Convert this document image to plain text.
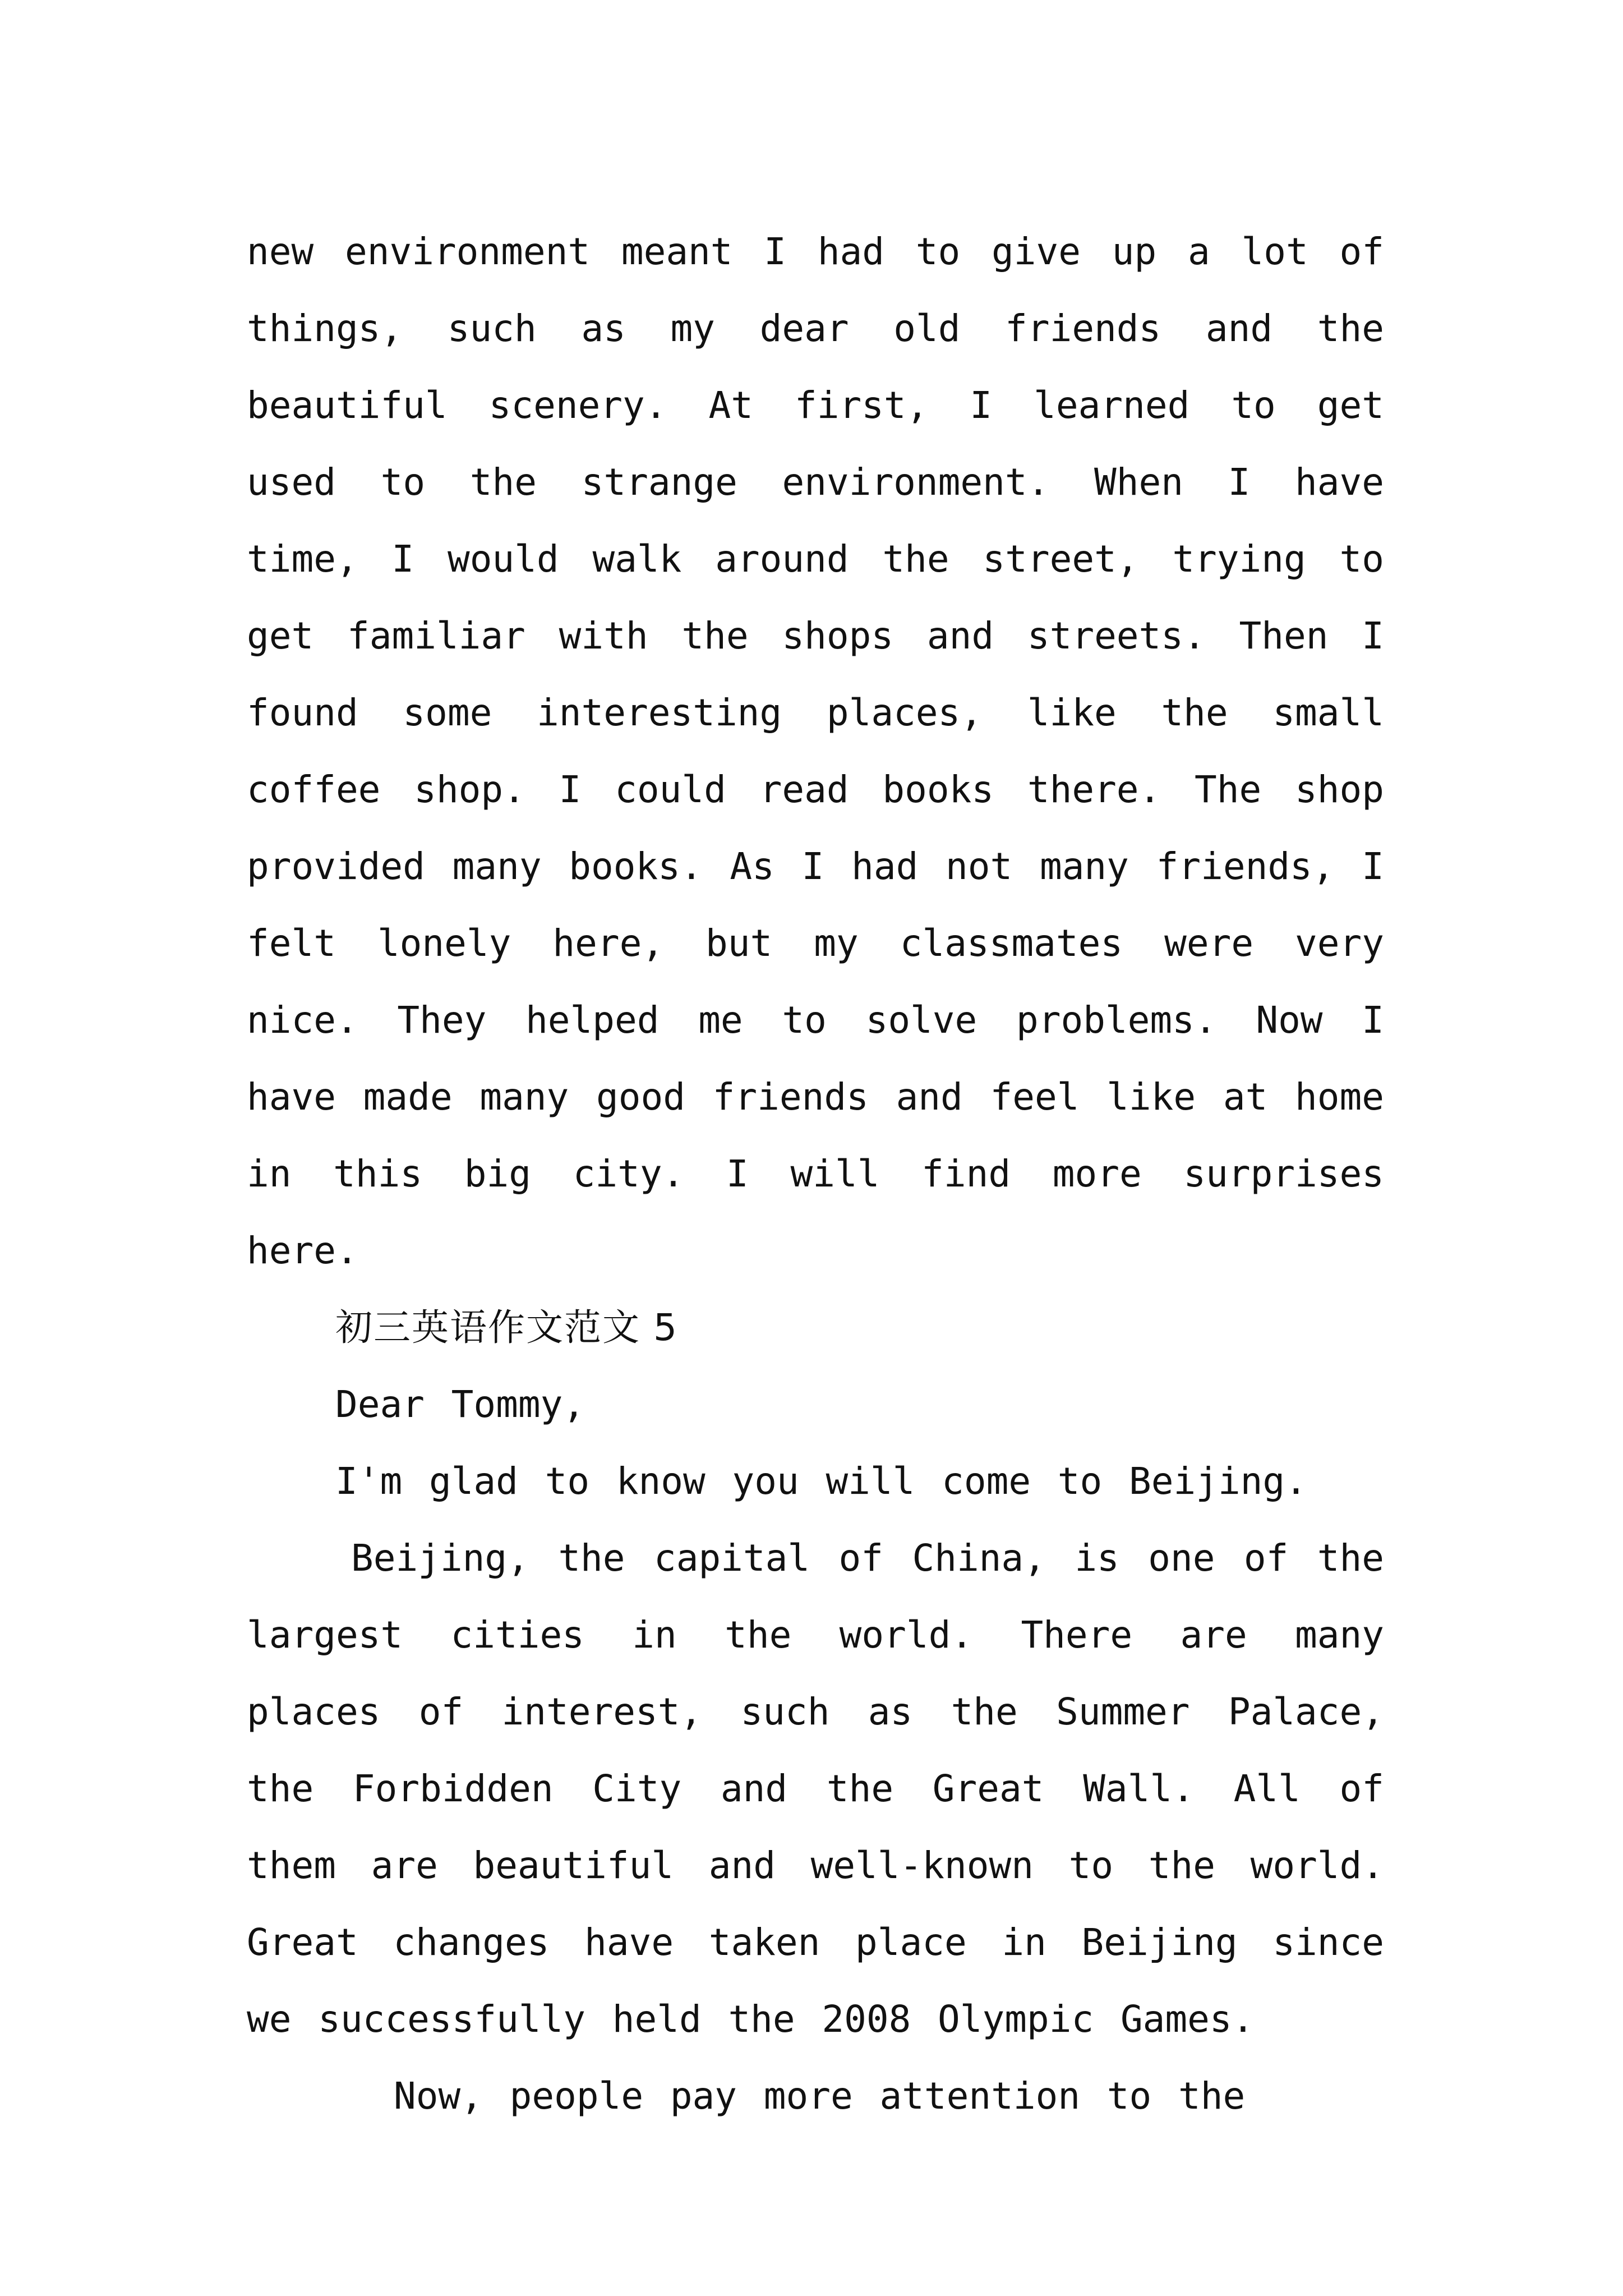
new environment meant I had to give up a lot of things, such as my dear old friends and the beautiful scenery. At first, I learned to get used to the strange environment. When I have time, I would walk around the street, trying to get familiar with the shops and streets. Then I found some interesting places, like the small coffee shop. I could read books there. The shop provided many books. As I had not many friends, I felt lonely here, but my classmates were very nice. They helped me to solve problems. Now I have made many good friends and feel like at home in this big city. I will find more surprises here.

初三英语作文范文 5

Dear Tommy,

I'm glad to know you will come to Beijing.

Beijing, the capital of China, is one of the largest cities in the world. There are many places of interest, such as the Summer Palace, the Forbidden City and the Great Wall. All of them are beautiful and well-known to the world. Great changes have taken place in Beijing since we successfully held the 2008 Olympic Games.

Now, people pay more attention to the
